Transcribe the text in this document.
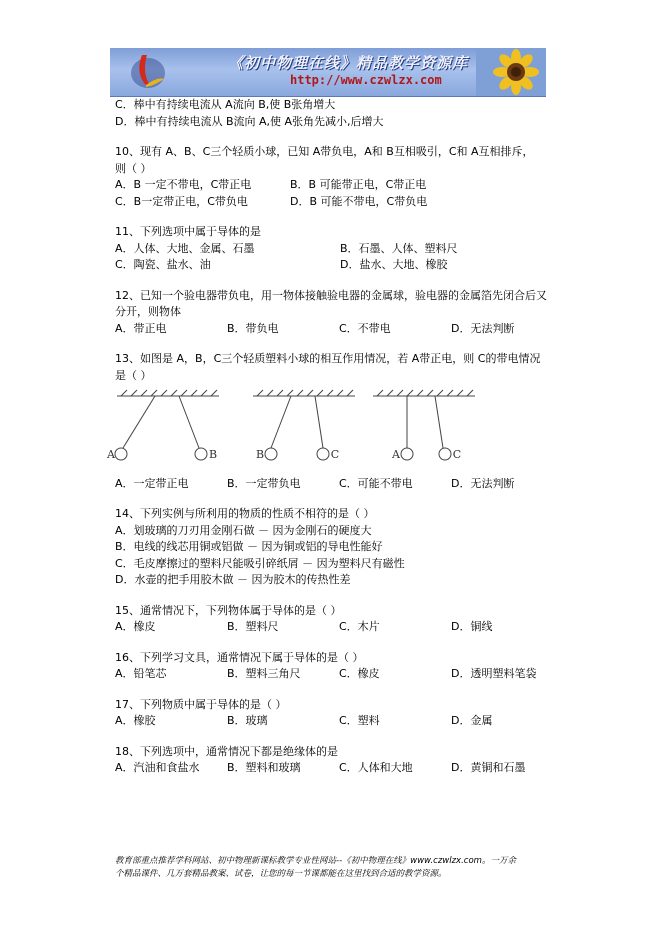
《初中物理在线》精品教学资源库
http://www.czwlzx.com
C．棒中有持续电流从 A流向 B,使 B张角增大
D．棒中有持续电流从 B流向 A,使 A张角先减小,后增大
10、现有 A、B、C三个轻质小球，已知 A带负电，A和 B互相吸引，C和 A互相排斥，
则（ ）
A．B 一定不带电，C带正电	B．B 可能带正电，C带正电
C．B一定带正电，C带负电	D．B 可能不带电，C带负电
11、下列选项中属于导体的是
A．人体、大地、金属、石墨	B．石墨、人体、塑料尺
C．陶瓷、盐水、油	D．盐水、大地、橡胶
12、已知一个验电器带负电，用一物体接触验电器的金属球，验电器的金属箔先闭合后又
分开，则物体
A．带正电	B．带负电	C．不带电	D．无法判断
13、如图是 A，B，C三个轻质塑料小球的相互作用情况，若 A带正电，则 C的带电情况
是（ ）
A	B	B	C	A	C
A．一定带正电	B．一定带负电	C．可能不带电	D．无法判断
14、下列实例与所利用的物质的性质不相符的是（ ）
A．划玻璃的刀刃用金刚石做 － 因为金刚石的硬度大
B．电线的线芯用铜或铝做 － 因为铜或铝的导电性能好
C．毛皮摩擦过的塑料尺能吸引碎纸屑 － 因为塑料尺有磁性
D．水壶的把手用胶木做 － 因为胶木的传热性差
15、通常情况下，下列物体属于导体的是（ ）
A．橡皮	B．塑料尺	C．木片	D．铜线
16、下列学习文具，通常情况下属于导体的是（ ）
A．铅笔芯	B．塑料三角尺	C．橡皮	D．透明塑料笔袋
17、下列物质中属于导体的是（ ）
A．橡胶	B．玻璃	C．塑料	D．金属
18、下列选项中，通常情况下都是绝缘体的是
A．汽油和食盐水	B．塑料和玻璃	C．人体和大地	D．黄铜和石墨
教育部重点推荐学科网站、初中物理新课标教学专业性网站--《初中物理在线》www.czwlzx.com。一万余
个精品课件、几万套精品教案、试卷，让您的每一节课都能在这里找到合适的教学资源。
